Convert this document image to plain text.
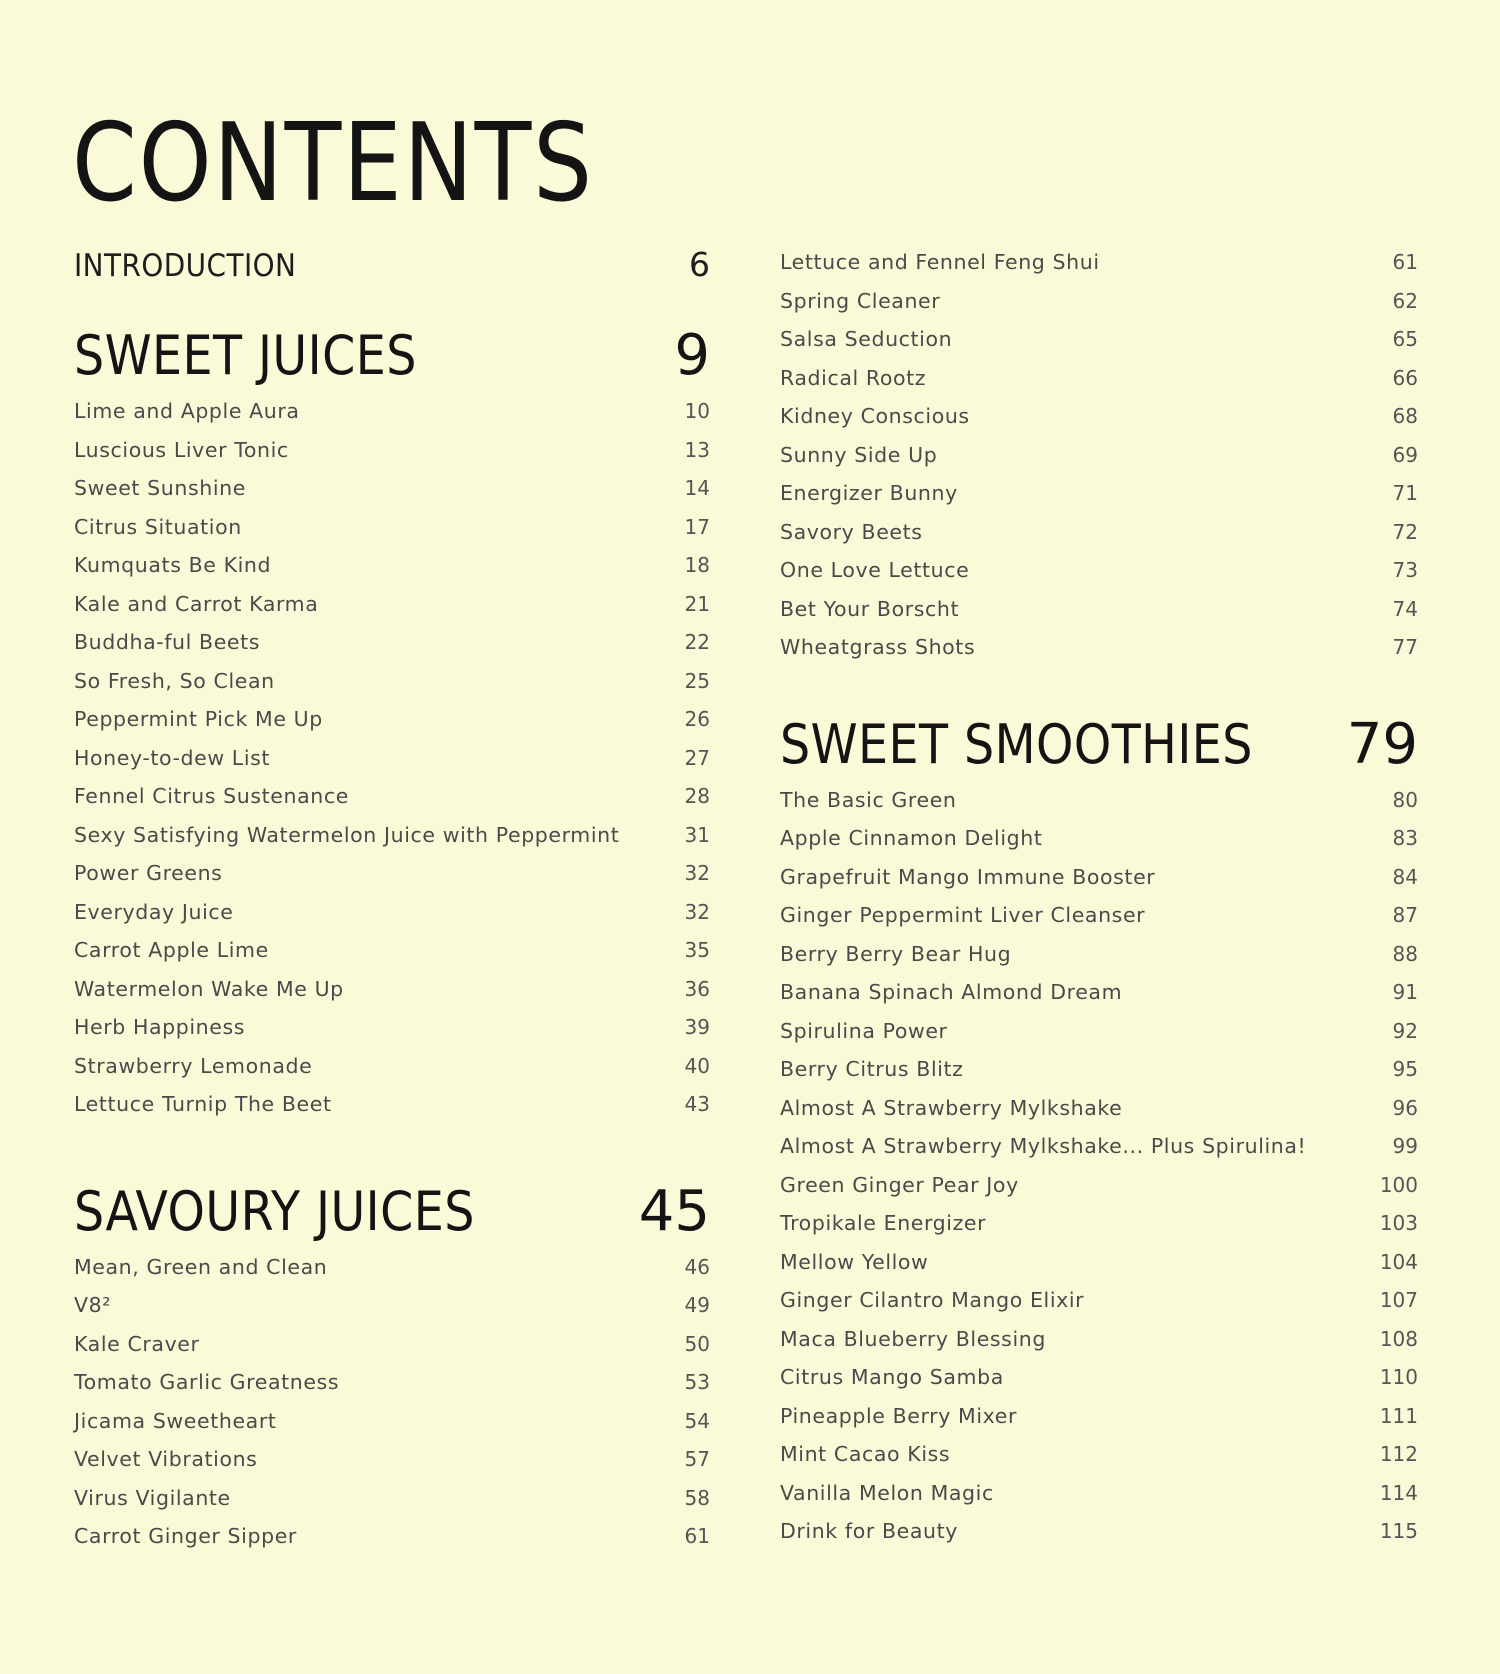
CONTENTS
INTRODUCTION	6
SWEET JUICES	9
Lime and Apple Aura	10
Luscious Liver Tonic	13
Sweet Sunshine	14
Citrus Situation	17
Kumquats Be Kind	18
Kale and Carrot Karma	21
Buddha-ful Beets	22
So Fresh, So Clean	25
Peppermint Pick Me Up	26
Honey-to-dew List	27
Fennel Citrus Sustenance	28
Sexy Satisfying Watermelon Juice with Peppermint	31
Power Greens	32
Everyday Juice	32
Carrot Apple Lime	35
Watermelon Wake Me Up	36
Herb Happiness	39
Strawberry Lemonade	40
Lettuce Turnip The Beet	43
SAVOURY JUICES	45
Mean, Green and Clean	46
V8²	49
Kale Craver	50
Tomato Garlic Greatness	53
Jicama Sweetheart	54
Velvet Vibrations	57
Virus Vigilante	58
Carrot Ginger Sipper	61
Lettuce and Fennel Feng Shui	61
Spring Cleaner	62
Salsa Seduction	65
Radical Rootz	66
Kidney Conscious	68
Sunny Side Up	69
Energizer Bunny	71
Savory Beets	72
One Love Lettuce	73
Bet Your Borscht	74
Wheatgrass Shots	77
SWEET SMOOTHIES 79
The Basic Green	80
Apple Cinnamon Delight	83
Grapefruit Mango Immune Booster	84
Ginger Peppermint Liver Cleanser	87
Berry Berry Bear Hug	88
Banana Spinach Almond Dream	91
Spirulina Power	92
Berry Citrus Blitz	95
Almost A Strawberry Mylkshake	96
Almost A Strawberry Mylkshake... Plus Spirulina!	99
Green Ginger Pear Joy	100
Tropikale Energizer	103
Mellow Yellow	104
Ginger Cilantro Mango Elixir	107
Maca Blueberry Blessing	108
Citrus Mango Samba	110
Pineapple Berry Mixer	111
Mint Cacao Kiss	112
Vanilla Melon Magic	114
Drink for Beauty	115
